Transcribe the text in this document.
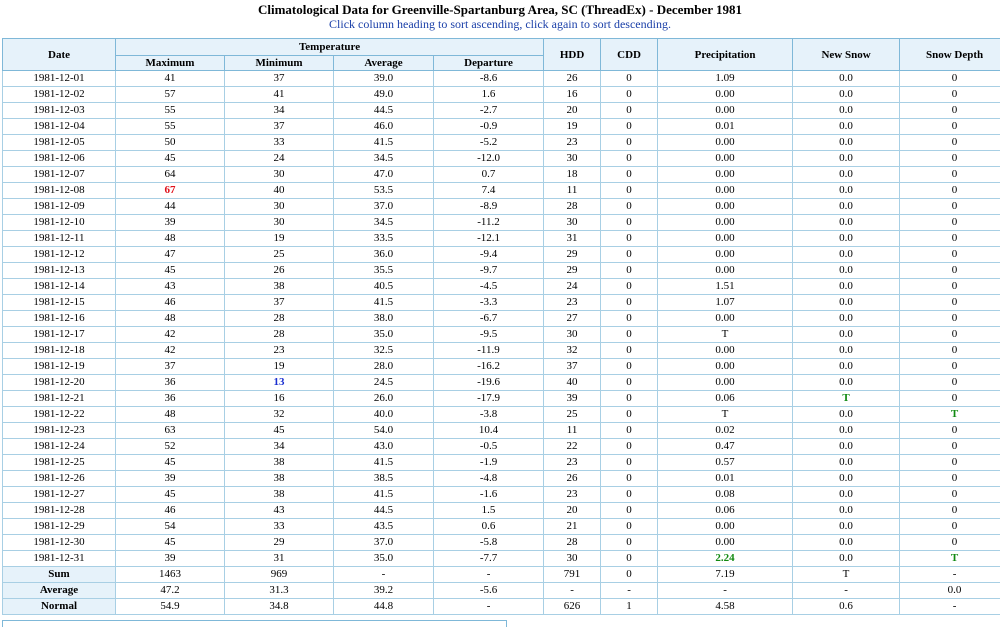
Climatological Data for Greenville-Spartanburg Area, SC (ThreadEx) - December 1981
Click column heading to sort ascending, click again to sort descending.
Date	Temperature				HDD	CDD	Precipitation	New Snow	Snow Depth
	Maximum	Minimum	Average	Departure					
1981-12-01	41	37	39.0	-8.6	26	0	1.09	0.0	0
1981-12-02	57	41	49.0	1.6	16	0	0.00	0.0	0
1981-12-03	55	34	44.5	-2.7	20	0	0.00	0.0	0
1981-12-04	55	37	46.0	-0.9	19	0	0.01	0.0	0
1981-12-05	50	33	41.5	-5.2	23	0	0.00	0.0	0
1981-12-06	45	24	34.5	-12.0	30	0	0.00	0.0	0
1981-12-07	64	30	47.0	0.7	18	0	0.00	0.0	0
1981-12-08	67	40	53.5	7.4	11	0	0.00	0.0	0
1981-12-09	44	30	37.0	-8.9	28	0	0.00	0.0	0
1981-12-10	39	30	34.5	-11.2	30	0	0.00	0.0	0
1981-12-11	48	19	33.5	-12.1	31	0	0.00	0.0	0
1981-12-12	47	25	36.0	-9.4	29	0	0.00	0.0	0
1981-12-13	45	26	35.5	-9.7	29	0	0.00	0.0	0
1981-12-14	43	38	40.5	-4.5	24	0	1.51	0.0	0
1981-12-15	46	37	41.5	-3.3	23	0	1.07	0.0	0
1981-12-16	48	28	38.0	-6.7	27	0	0.00	0.0	0
1981-12-17	42	28	35.0	-9.5	30	0	T	0.0	0
1981-12-18	42	23	32.5	-11.9	32	0	0.00	0.0	0
1981-12-19	37	19	28.0	-16.2	37	0	0.00	0.0	0
1981-12-20	36	13	24.5	-19.6	40	0	0.00	0.0	0
1981-12-21	36	16	26.0	-17.9	39	0	0.06	T	0
1981-12-22	48	32	40.0	-3.8	25	0	T	0.0	T
1981-12-23	63	45	54.0	10.4	11	0	0.02	0.0	0
1981-12-24	52	34	43.0	-0.5	22	0	0.47	0.0	0
1981-12-25	45	38	41.5	-1.9	23	0	0.57	0.0	0
1981-12-26	39	38	38.5	-4.8	26	0	0.01	0.0	0
1981-12-27	45	38	41.5	-1.6	23	0	0.08	0.0	0
1981-12-28	46	43	44.5	1.5	20	0	0.06	0.0	0
1981-12-29	54	33	43.5	0.6	21	0	0.00	0.0	0
1981-12-30	45	29	37.0	-5.8	28	0	0.00	0.0	0
1981-12-31	39	31	35.0	-7.7	30	0	2.24	0.0	T
Sum	1463	969	-	-	791	0	7.19	T	-
Average	47.2	31.3	39.2	-5.6	-	-	-	-	0.0
Normal	54.9	34.8	44.8	-	626	1	4.58	0.6	-
